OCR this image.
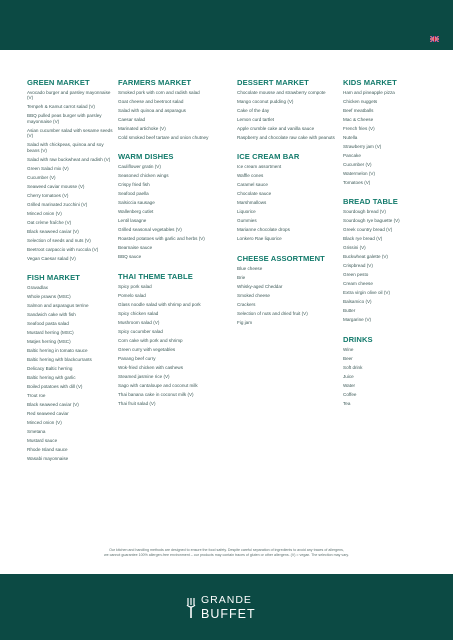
GREEN MARKET
Avocado burger and parsley mayonnaise (V)
Tempeh & Kamut carrot salad (V)
BBQ pulled peas burger with parsley mayonnaise (V)
Asian cucumber salad with sesame seeds (V)
Salad with chickpeas, quinoa and soy beans (V)
Salad with raw buckwheat and radish (V)
Green Salad mix (V)
Cucumber (V)
Seaweed caviar mousse (V)
Cherry tomatoes (V)
Grilled marinated zucchini (V)
Minced onion (V)
Oat crème fraîche (V)
Black seaweed caviar (V)
Selection of seeds and nuts (V)
Beetroot carpaccio with ruccola (V)
Vegan Caesar salad (V)
FISH MARKET
Gravadlax
Whole prawns (MSC)
Salmon and asparagus terrine
Sandwich cake with fish
Seafood pasta salad
Mustard herring (MSC)
Matjes herring (MSC)
Baltic herring in tomato sauce
Baltic herring with blackcurrants
Delicacy Baltic herring
Baltic herring with garlic
Boiled potatoes with dill (V)
Trout roe
Black seaweed caviar (V)
Red seaweed caviar
Minced onion (V)
Smetana
Mustard sauce
Rhode Island sauce
Wasabi mayonnaise
FARMERS MARKET
Smoked pork with corn and radish salad
Goat cheese and beetroot salad
Salad with quinoa and asparagus
Caesar salad
Marinated artichoke (V)
Cold smoked beef tartare and onion chutney
WARM DISHES
Cauliflower gratin (V)
Seasoned chicken wings
Crispy fried fish
Seafood paella
Salsiccia sausage
Wallenberg cutlet
Lentil lasagne
Grilled seasonal vegetables (V)
Roasted potatoes with garlic and herbs (V)
Bearnaise sauce
BBQ sauce
THAI THEME TABLE
Spicy pork salad
Pomelo salad
Glass noodle salad with shrimp and pork
Spicy chicken salad
Mushroom salad (V)
Spicy cucumber salad
Corn cake with pork and shrimp
Green curry with vegetables
Panang beef curry
Wok-fried chicken with cashews
Steamed jasmine rice (V)
Sago with cantaloupe and coconut milk
Thai banana cake in coconut milk (V)
Thai fruit salad (V)
DESSERT MARKET
Chocolate mousse and strawberry compote
Mango coconut pudding (V)
Cake of the day
Lemon curd tartlet
Apple crumble cake and vanilla sauce
Raspberry and chocolate raw cake with peanuts
ICE CREAM BAR
Ice cream assortment
Waffle cones
Caramel sauce
Chocolate sauce
Marshmallows
Liquorice
Gummies
Marianne chocolate drops
Lonkero Rae liquorice
CHEESE ASSORTMENT
Blue cheese
Brie
Whisky-aged Cheddar
Smoked cheese
Crackers
Selection of nuts and dried fruit (V)
Fig jam
KIDS MARKET
Ham and pineapple pizza
Chicken nuggets
Beef meatballs
Mac & Cheese
French fries (V)
Nutella
Strawberry jam (V)
Pancake
Cucumber (V)
Watermelon (V)
Tomatoes (V)
BREAD TABLE
Sourdough bread (V)
Sourdough rye baguette (V)
Greek country bread (V)
Black rye bread (V)
Grissini (V)
Buckwheat galette (V)
Crispbread (V)
Green pesto
Cream cheese
Extra virgin olive oil (V)
Balsamico (V)
Butter
Margarine (V)
DRINKS
Wine
Beer
Soft drink
Juice
Water
Coffee
Tea
Our kitchen and handling methods are designed to ensure the food safety. Despite careful separation of ingredients to avoid any traces of allergens,
we cannot guarantee 100% allergen-free environment – our products may contain traces of gluten or other allergens. (V) = vegan. The selection may vary.
GRANDE
BUFFET
